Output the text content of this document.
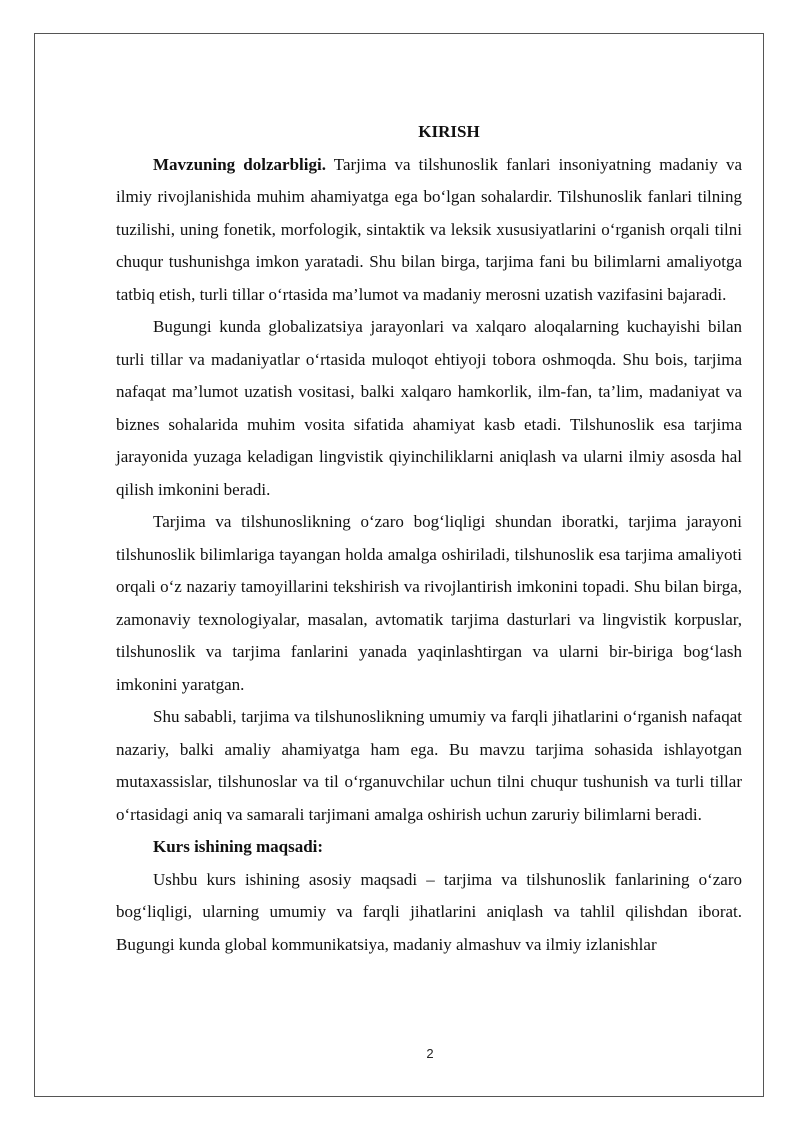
KIRISH

Mavzuning dolzarbligi. Tarjima va tilshunoslik fanlari insoniyatning madaniy va ilmiy rivojlanishida muhim ahamiyatga ega bo‘lgan sohalardir. Tilshunoslik fanlari tilning tuzilishi, uning fonetik, morfologik, sintaktik va leksik xususiyatlarini o‘rganish orqali tilni chuqur tushunishga imkon yaratadi. Shu bilan birga, tarjima fani bu bilimlarni amaliyotga tatbiq etish, turli tillar o‘rtasida ma’lumot va madaniy merosni uzatish vazifasini bajaradi.

Bugungi kunda globalizatsiya jarayonlari va xalqaro aloqalarning kuchayishi bilan turli tillar va madaniyatlar o‘rtasida muloqot ehtiyoji tobora oshmoqda. Shu bois, tarjima nafaqat ma’lumot uzatish vositasi, balki xalqaro hamkorlik, ilm-fan, ta’lim, madaniyat va biznes sohalarida muhim vosita sifatida ahamiyat kasb etadi. Tilshunoslik esa tarjima jarayonida yuzaga keladigan lingvistik qiyinchiliklarni aniqlash va ularni ilmiy asosda hal qilish imkonini beradi.

Tarjima va tilshunoslikning o‘zaro bog‘liqligi shundan iboratki, tarjima jarayoni tilshunoslik bilimlariga tayangan holda amalga oshiriladi, tilshunoslik esa tarjima amaliyoti orqali o‘z nazariy tamoyillarini tekshirish va rivojlantirish imkonini topadi. Shu bilan birga, zamonaviy texnologiyalar, masalan, avtomatik tarjima dasturlari va lingvistik korpuslar, tilshunoslik va tarjima fanlarini yanada yaqinlashtirgan va ularni bir-biriga bog‘lash imkonini yaratgan.

Shu sababli, tarjima va tilshunoslikning umumiy va farqli jihatlarini o‘rganish nafaqat nazariy, balki amaliy ahamiyatga ham ega. Bu mavzu tarjima sohasida ishlayotgan mutaxassislar, tilshunoslar va til o‘rganuvchilar uchun tilni chuqur tushunish va turli tillar o‘rtasidagi aniq va samarali tarjimani amalga oshirish uchun zaruriy bilimlarni beradi.

Kurs ishining maqsadi:

Ushbu kurs ishining asosiy maqsadi – tarjima va tilshunoslik fanlarining o‘zaro bog‘liqligi, ularning umumiy va farqli jihatlarini aniqlash va tahlil qilishdan iborat. Bugungi kunda global kommunikatsiya, madaniy almashuv va ilmiy izlanishlar

2
